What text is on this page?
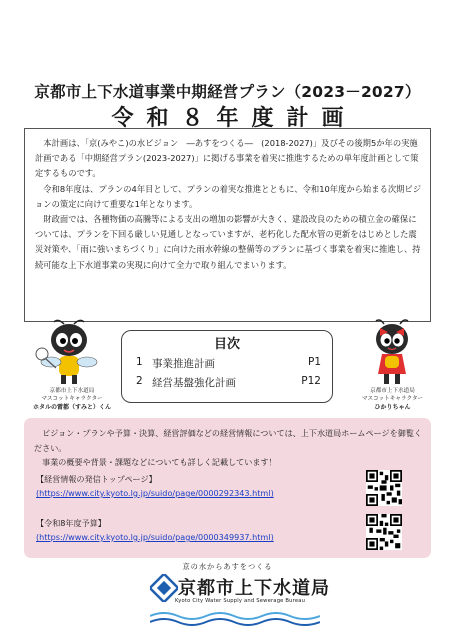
京都市上下水道事業中期経営プラン（2023－2027）
令和８年度計画

本計画は、「京(みやこ)の水ビジョン　―あすをつくる―　(2018-2027)」及びその後期5か年の実施計画である「中期経営プラン(2023-2027)」に掲げる事業を着実に推進するための単年度計画として策定するものです。

令和8年度は、プランの4年目として、プランの着実な推進とともに、令和10年度から始まる次期ビジョンの策定に向けて重要な1年となります。

財政面では、各種物価の高騰等による支出の増加の影響が大きく、建設改良のための積立金の確保については、プランを下回る厳しい見通しとなっていますが、老朽化した配水管の更新をはじめとした震災対策や、「雨に強いまちづくり」に向けた雨水幹線の整備等のプランに基づく事業を着実に推進し、持続可能な上下水道事業の実現に向けて全力で取り組んでまいります。

京都市上下水道局
マスコットキャラクター
ホタルの雷都（すみと）くん
京都市上下水道局
マスコットキャラクター
ひかりちゃん
目次
1 事業推進計画	P1
2 経営基盤強化計画	P12
ビジョン・プランや予算・決算、経営評価などの経営情報については、上下水道局ホームページを御覧ください。
事業の概要や背景・課題などについても詳しく記載しています！
【経営情報の発信トップページ】
(https://www.city.kyoto.lg.jp/suido/page/0000292343.html)
【令和8年度予算】
(https://www.city.kyoto.lg.jp/suido/page/0000349937.html)
京の水からあすをつくる
京都市上下水道局
Kyoto City Water Supply and Sewerage Bureau
